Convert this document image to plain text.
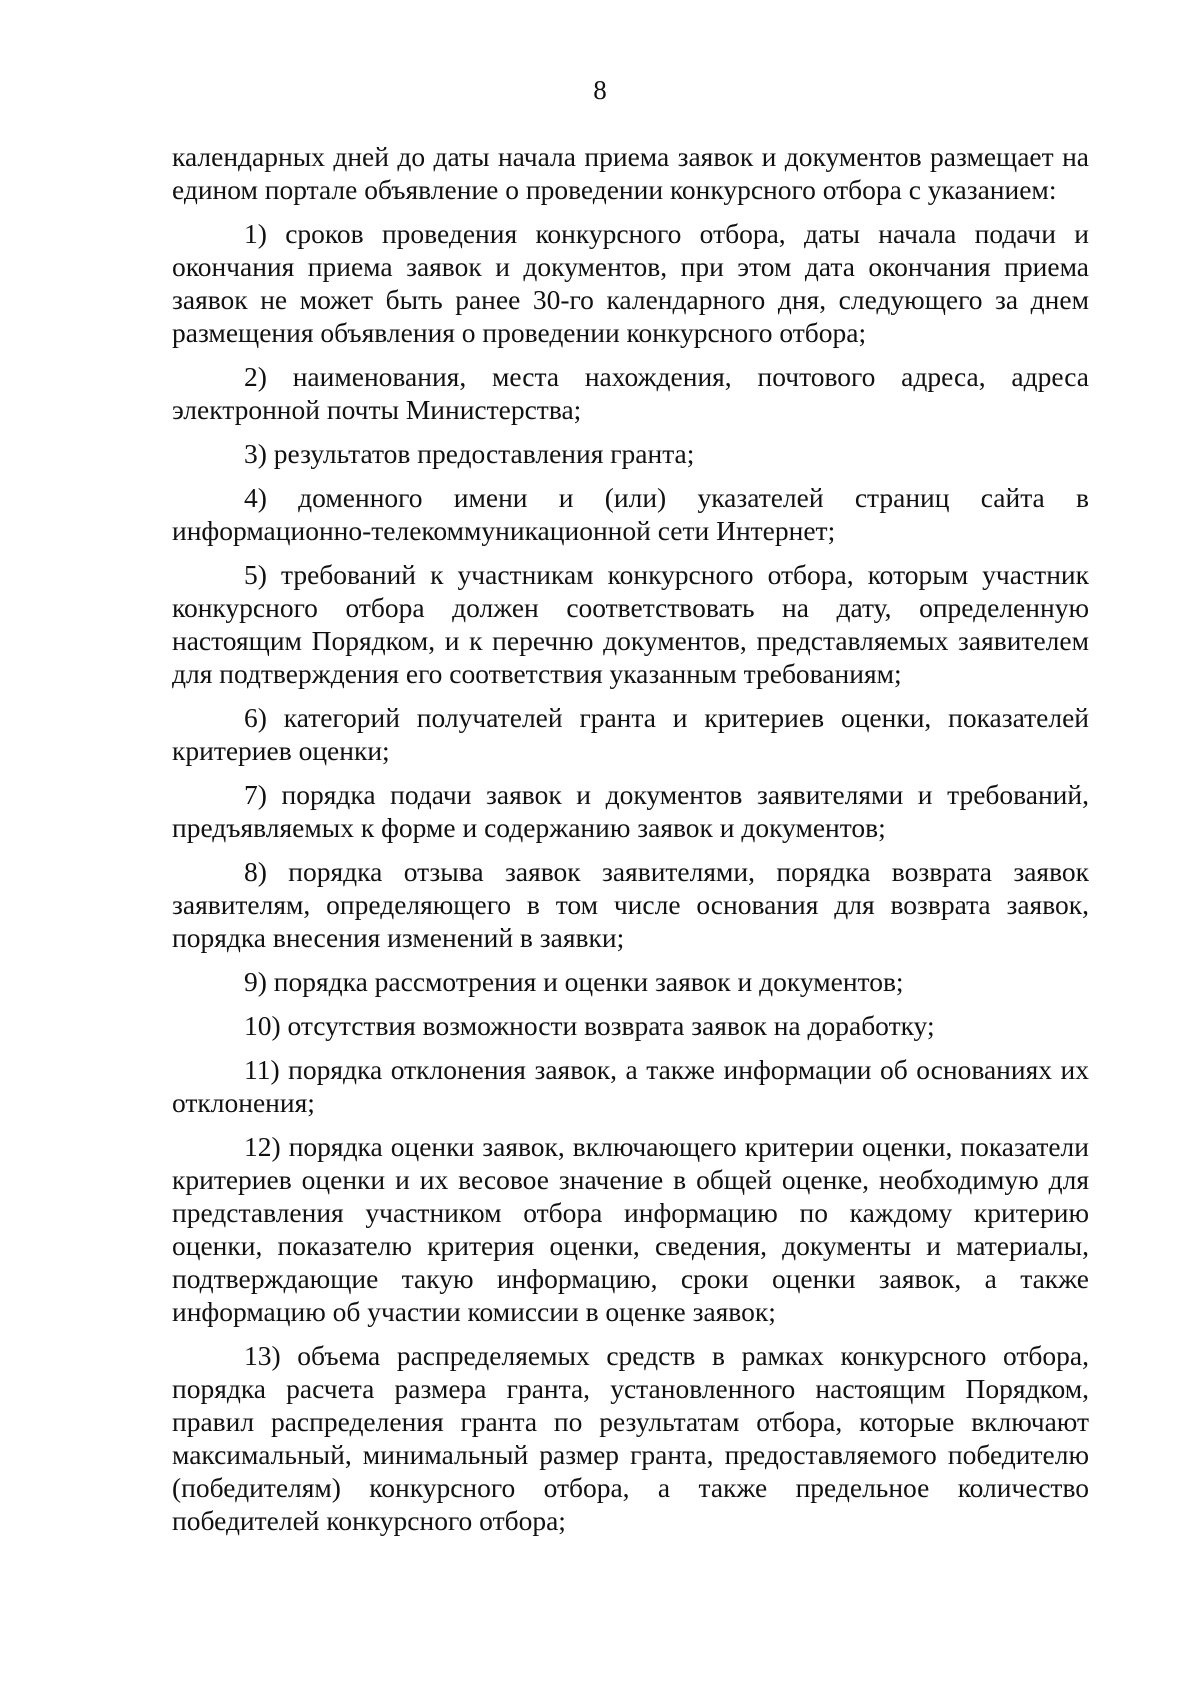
8

календарных дней до даты начала приема заявок и документов размещает на едином портале объявление о проведении конкурсного отбора с указанием:

1) сроков проведения конкурсного отбора, даты начала подачи и окончания приема заявок и документов, при этом дата окончания приема заявок не может быть ранее 30-го календарного дня, следующего за днем размещения объявления о проведении конкурсного отбора;

2) наименования, места нахождения, почтового адреса, адреса электронной почты Министерства;

3) результатов предоставления гранта;

4) доменного имени и (или) указателей страниц сайта в информационно-телекоммуникационной сети Интернет;

5) требований к участникам конкурсного отбора, которым участник конкурсного отбора должен соответствовать на дату, определенную настоящим Порядком, и к перечню документов, представляемых заявителем для подтверждения его соответствия указанным требованиям;

6) категорий получателей гранта и критериев оценки, показателей критериев оценки;

7) порядка подачи заявок и документов заявителями и требований, предъявляемых к форме и содержанию заявок и документов;

8) порядка отзыва заявок заявителями, порядка возврата заявок заявителям, определяющего в том числе основания для возврата заявок, порядка внесения изменений в заявки;

9) порядка рассмотрения и оценки заявок и документов;

10) отсутствия возможности возврата заявок на доработку;

11) порядка отклонения заявок, а также информации об основаниях их отклонения;

12) порядка оценки заявок, включающего критерии оценки, показатели критериев оценки и их весовое значение в общей оценке, необходимую для представления участником отбора информацию по каждому критерию оценки, показателю критерия оценки, сведения, документы и материалы, подтверждающие такую информацию, сроки оценки заявок, а также информацию об участии комиссии в оценке заявок;

13) объема распределяемых средств в рамках конкурсного отбора, порядка расчета размера гранта, установленного настоящим Порядком, правил распределения гранта по результатам отбора, которые включают максимальный, минимальный размер гранта, предоставляемого победителю (победителям) конкурсного отбора, а также предельное количество победителей конкурсного отбора;
